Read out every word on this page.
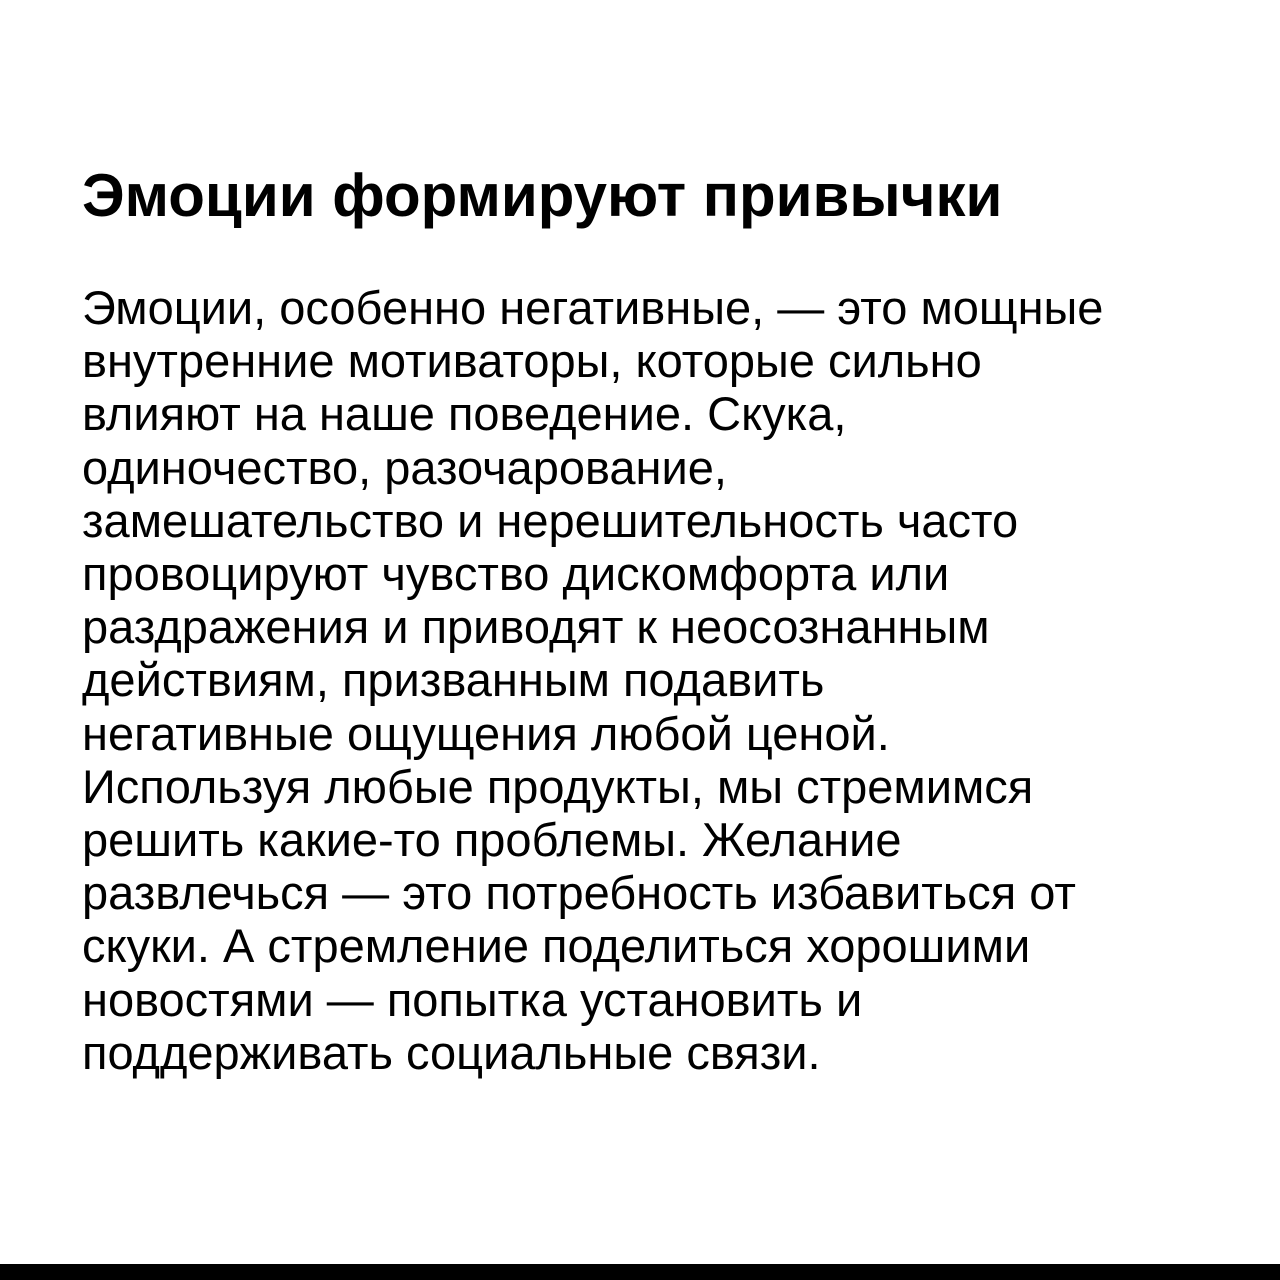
Эмоции формируют привычки

Эмоции, особенно негативные, — это мощные
внутренние мотиваторы, которые сильно
влияют на наше поведение. Скука,
одиночество, разочарование,
замешательство и нерешительность часто
провоцируют чувство дискомфорта или
раздражения и приводят к неосознанным
действиям, призванным подавить
негативные ощущения любой ценой.
Используя любые продукты, мы стремимся
решить какие-то проблемы. Желание
развлечься — это потребность избавиться от
скуки. А стремление поделиться хорошими
новостями — попытка установить и
поддерживать социальные связи.
